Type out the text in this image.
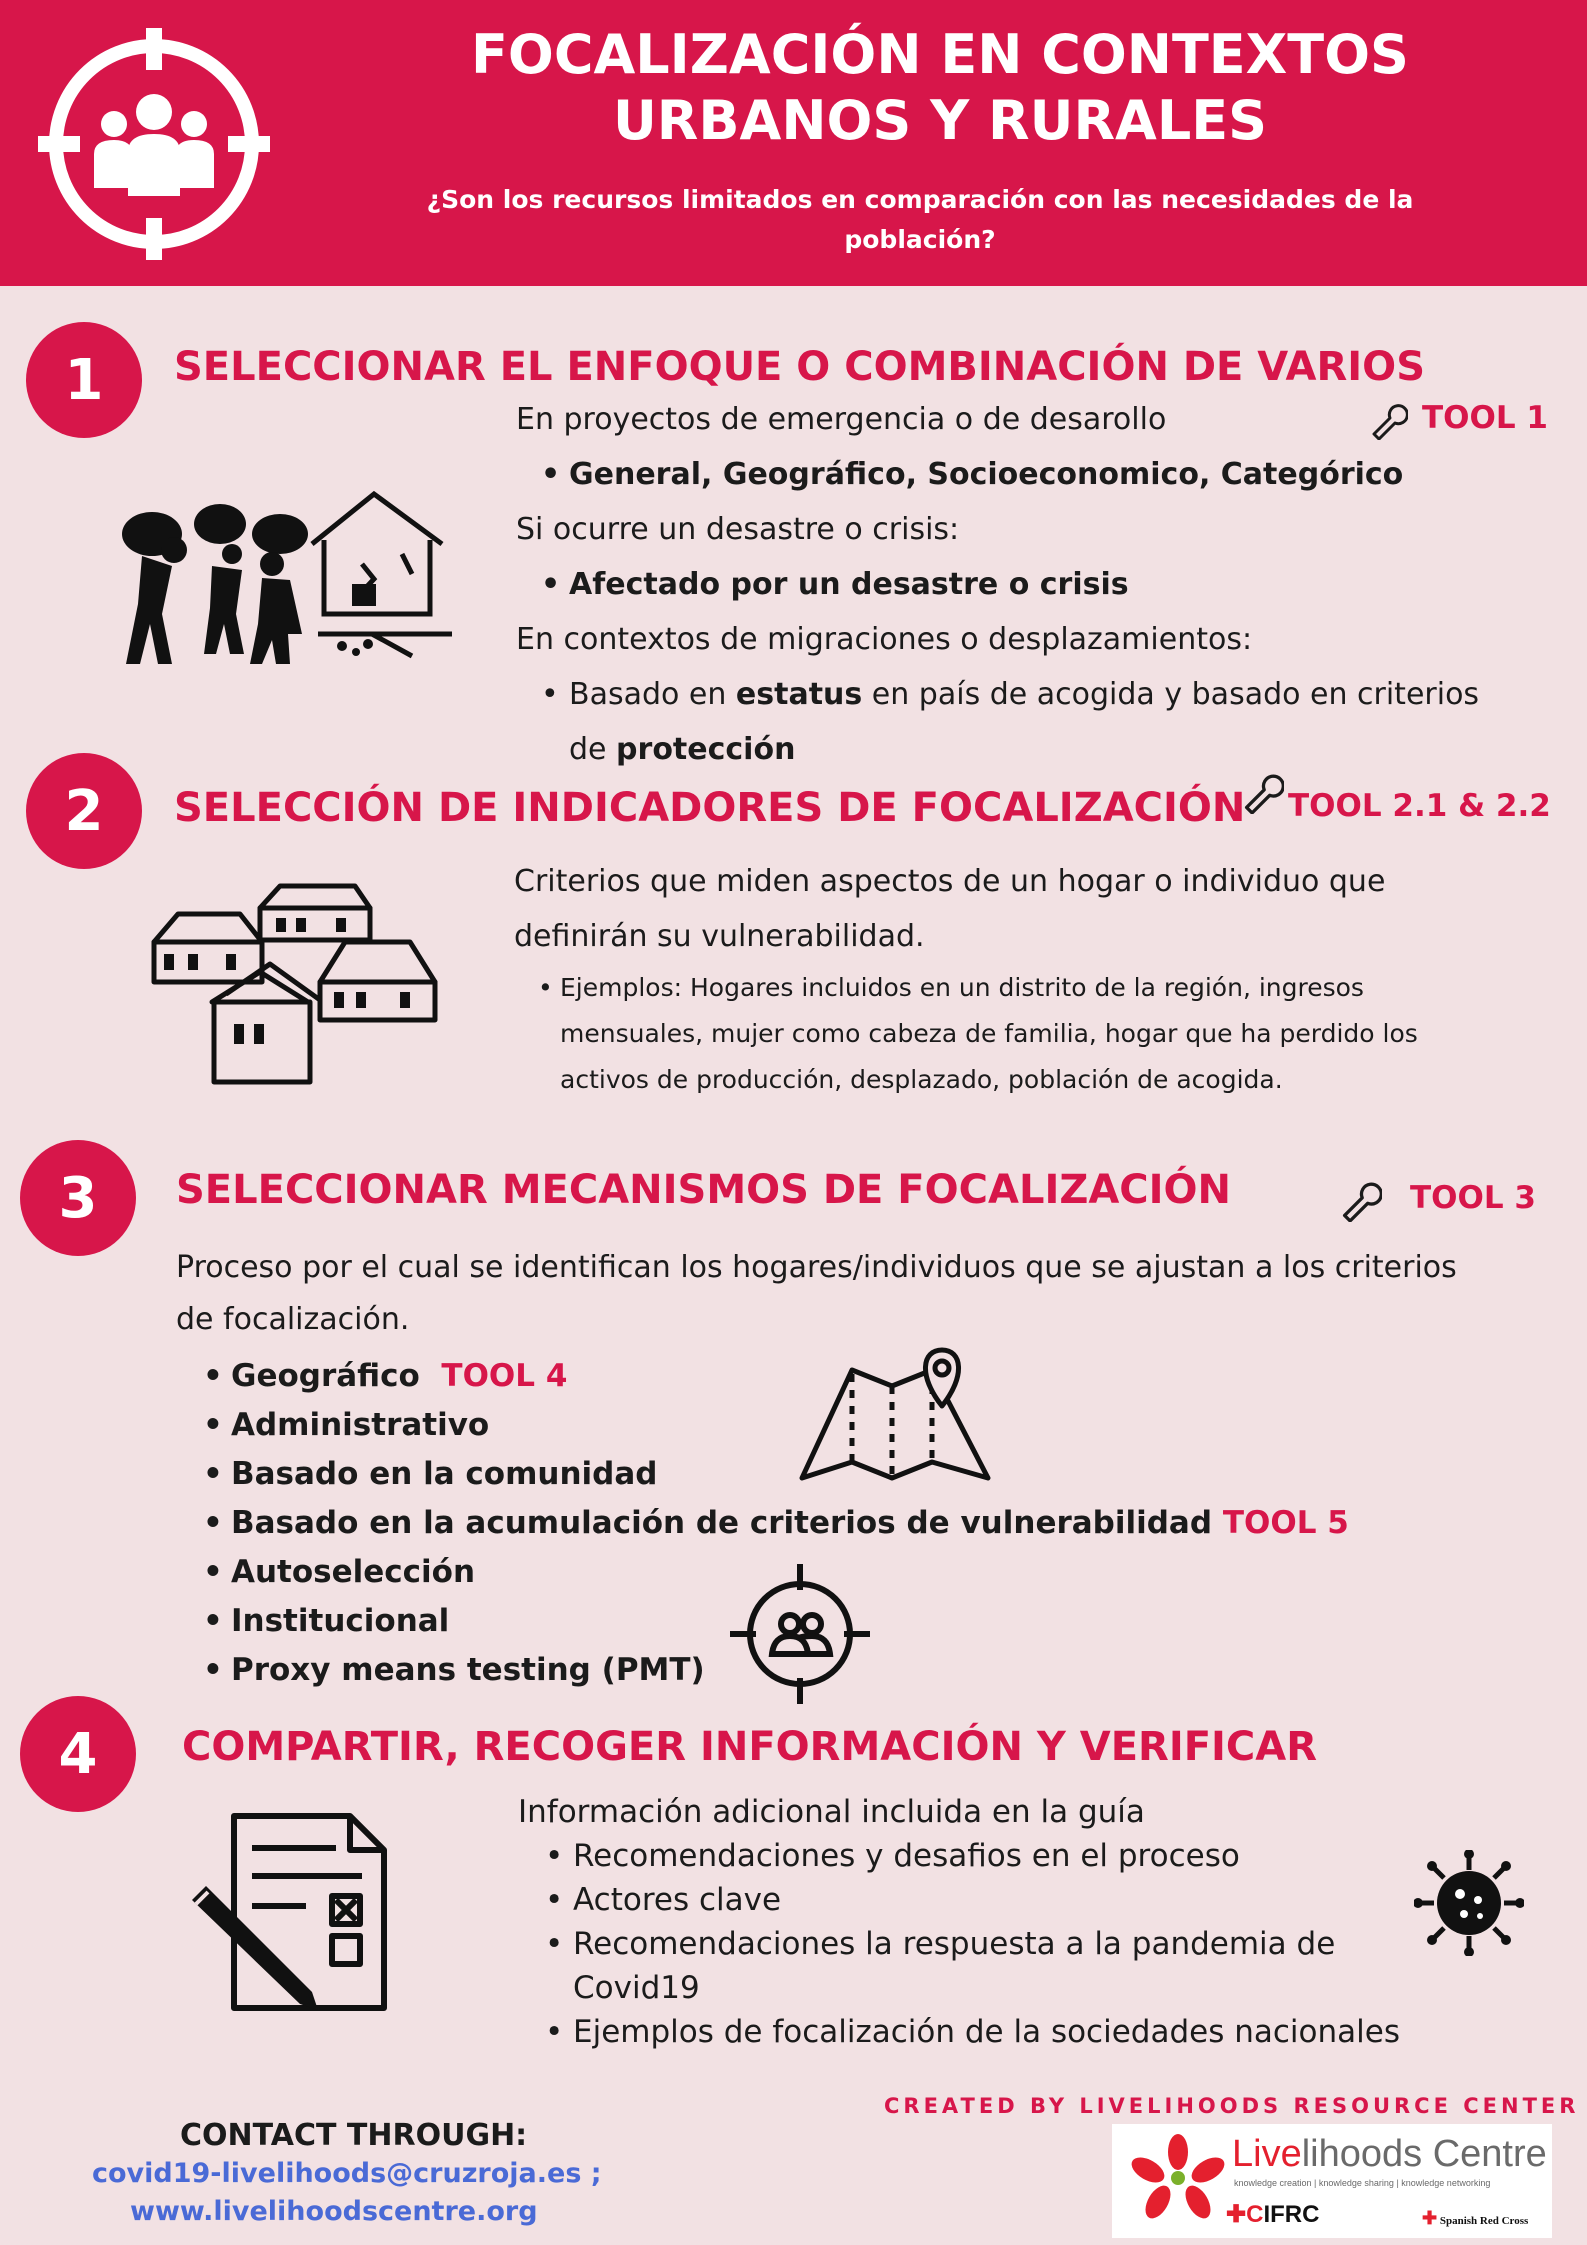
FOCALIZACIÓN EN CONTEXTOS
URBANOS Y RURALES
¿Son los recursos limitados en comparación con las necesidades de la
población?
1	SELECCIONAR EL ENFOQUE O COMBINACIÓN DE VARIOS
TOOL 1
En proyectos de emergencia o de desarollo
• General, Geográfico, Socioeconomico, Categórico
Si ocurre un desastre o crisis:
• Afectado por un desastre o crisis
En contextos de migraciones o desplazamientos:
• Basado en estatus en país de acogida y basado en criterios
de protección
2	SELECCIÓN DE INDICADORES DE FOCALIZACIÓN TOOL 2.1 & 2.2
Criterios que miden aspectos de un hogar o individuo que
definirán su vulnerabilidad.
• Ejemplos: Hogares incluidos en un distrito de la región, ingresos
mensuales, mujer como cabeza de familia, hogar que ha perdido los
activos de producción, desplazado, población de acogida.
3	SELECCIONAR MECANISMOS DE FOCALIZACIÓN	TOOL 3
Proceso por el cual se identifican los hogares/individuos que se ajustan a los criterios
de focalización.
• Geográfico TOOL 4
• Administrativo
• Basado en la comunidad
• Basado en la acumulación de criterios de vulnerabilidad TOOL 5
• Autoselección
• Institucional
• Proxy means testing (PMT)
4	COMPARTIR, RECOGER INFORMACIÓN Y VERIFICAR
Información adicional incluida en la guía
• Recomendaciones y desafios en el proceso
• Actores clave
• Recomendaciones la respuesta a la pandemia de
Covid19
• Ejemplos de focalización de la sociedades nacionales
CREATED BY LIVELIHOODS RESOURCE CENTER
CONTACT THROUGH:
covid19-livelihoods@cruzroja.es ;
www.livelihoodscentre.org
Livelihoods Centre
knowledge creation | knowledge sharing | knowledge networking
✚CIFRC	✚ Spanish Red Cross
